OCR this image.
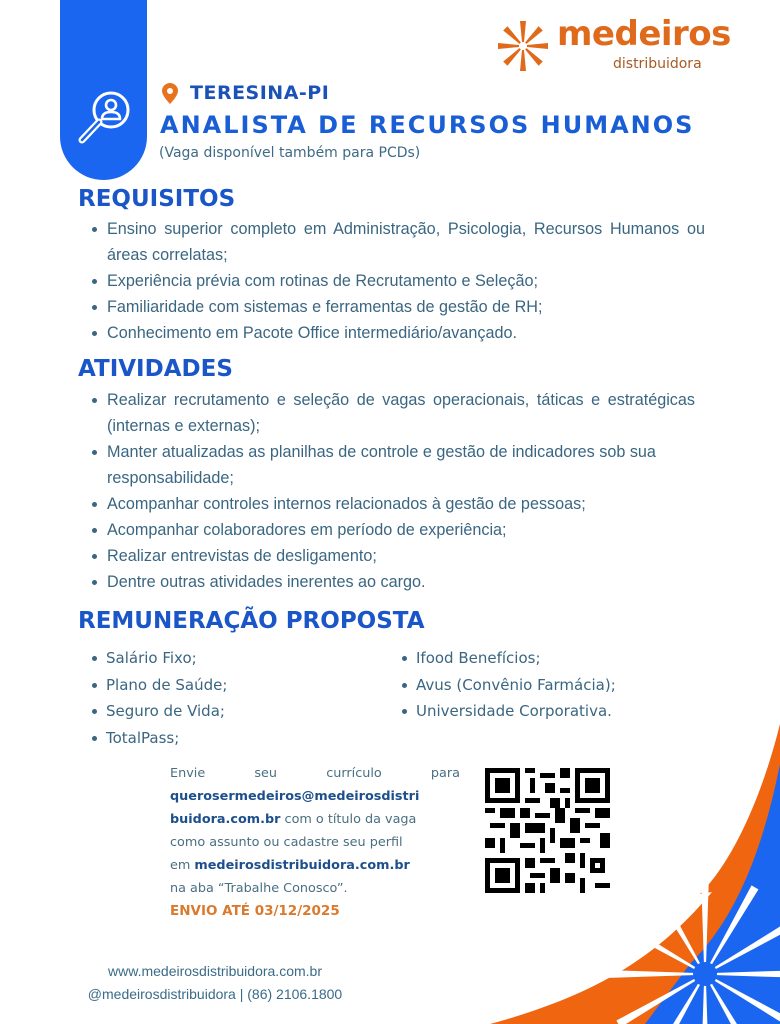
medeiros
distribuidora
TERESINA-PI
ANALISTA DE RECURSOS HUMANOS
(Vaga disponível também para PCDs)
REQUISITOS
Ensino superior completo em Administração, Psicologia, Recursos Humanos ou áreas correlatas;
Experiência prévia com rotinas de Recrutamento e Seleção;
Familiaridade com sistemas e ferramentas de gestão de RH;
Conhecimento em Pacote Office intermediário/avançado.
ATIVIDADES
Realizar recrutamento e seleção de vagas operacionais, táticas e estratégicas (internas e externas);
Manter atualizadas as planilhas de controle e gestão de indicadores sob sua responsabilidade;
Acompanhar controles internos relacionados à gestão de pessoas;
Acompanhar colaboradores em período de experiência;
Realizar entrevistas de desligamento;
Dentre outras atividades inerentes ao cargo.
REMUNERAÇÃO PROPOSTA
Salário Fixo;
Plano de Saúde;
Seguro de Vida;
TotalPass;
Ifood Benefícios;
Avus (Convênio Farmácia);
Universidade Corporativa.
Envie	seu	currículo	para
querosermedeiros@medeirosdistri
buidora.com.br com o título da vaga
como assunto ou cadastre seu perfil
em medeirosdistribuidora.com.br
na aba “Trabalhe Conosco”.
ENVIO ATÉ 03/12/2025
www.medeirosdistribuidora.com.br
@medeirosdistribuidora | (86) 2106.1800
